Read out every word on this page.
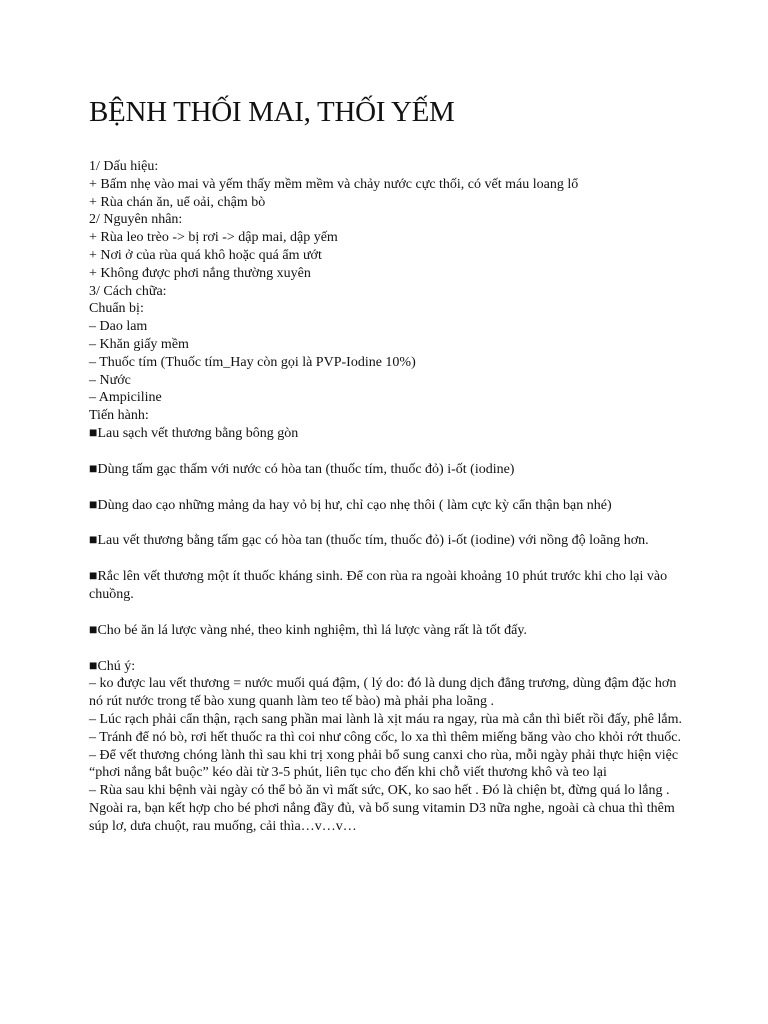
BỆNH THỐI MAI, THỐI YẾM
1/ Dấu hiệu:
+ Bấm nhẹ vào mai và yếm thấy mềm mềm và chảy nước cực thối, có vết máu loang lổ
+ Rùa chán ăn, uể oải, chậm bò
2/ Nguyên nhân:
+ Rùa leo trèo -> bị rơi -> dập mai, dập yếm
+ Nơi ở của rùa quá khô hoặc quá ẩm ướt
+ Không được phơi nắng thường xuyên
3/ Cách chữa:
Chuẩn bị:
– Dao lam
– Khăn giấy mềm
– Thuốc tím (Thuốc tím_Hay còn gọi là PVP-Iodine 10%)
– Nước
– Ampiciline
Tiến hành:
■Lau sạch vết thương bằng bông gòn
■Dùng tấm gạc thấm với nước có hòa tan (thuốc tím, thuốc đỏ) i-ốt (iodine)
■Dùng dao cạo những mảng da hay vỏ bị hư, chỉ cạo nhẹ thôi ( làm cực kỳ cẩn thận bạn nhé)
■Lau vết thương bằng tấm gạc có hòa tan (thuốc tím, thuốc đỏ) i-ốt (iodine) với nồng độ loãng hơn.
■Rắc lên vết thương một ít thuốc kháng sinh. Để con rùa ra ngoài khoảng 10 phút trước khi cho lại vào chuồng.
■Cho bé ăn lá lược vàng nhé, theo kinh nghiệm, thì lá lược vàng rất là tốt đấy.
■Chú ý:
– ko được lau vết thương = nước muối quá đậm, ( lý do: đó là dung dịch đẳng trương, dùng đậm đặc hơn nó rút nước trong tế bào xung quanh làm teo tế bào) mà phải pha loãng .
– Lúc rạch phải cẩn thận, rạch sang phần mai lành là xịt máu ra ngay, rùa mà cắn thì biết rồi đấy, phê lắm.
– Tránh để nó bò, rơi hết thuốc ra thì coi như công cốc, lo xa thì thêm miếng băng vào cho khỏi rớt thuốc.
– Để vết thương chóng lành thì sau khi trị xong phải bổ sung canxi cho rùa, mỗi ngày phải thực hiện việc “phơi nắng bắt buộc” kéo dài từ 3-5 phút, liên tục cho đến khi chỗ viết thương khô và teo lại
– Rùa sau khi bệnh vài ngày có thể bỏ ăn vì mất sức, OK, ko sao hết . Đó là chiện bt, đừng quá lo lắng .
Ngoài ra, bạn kết hợp cho bé phơi nắng đầy đủ, và bổ sung vitamin D3 nữa nghe, ngoài cà chua thì thêm súp lơ, dưa chuột, rau muống, cải thìa…v…v…
